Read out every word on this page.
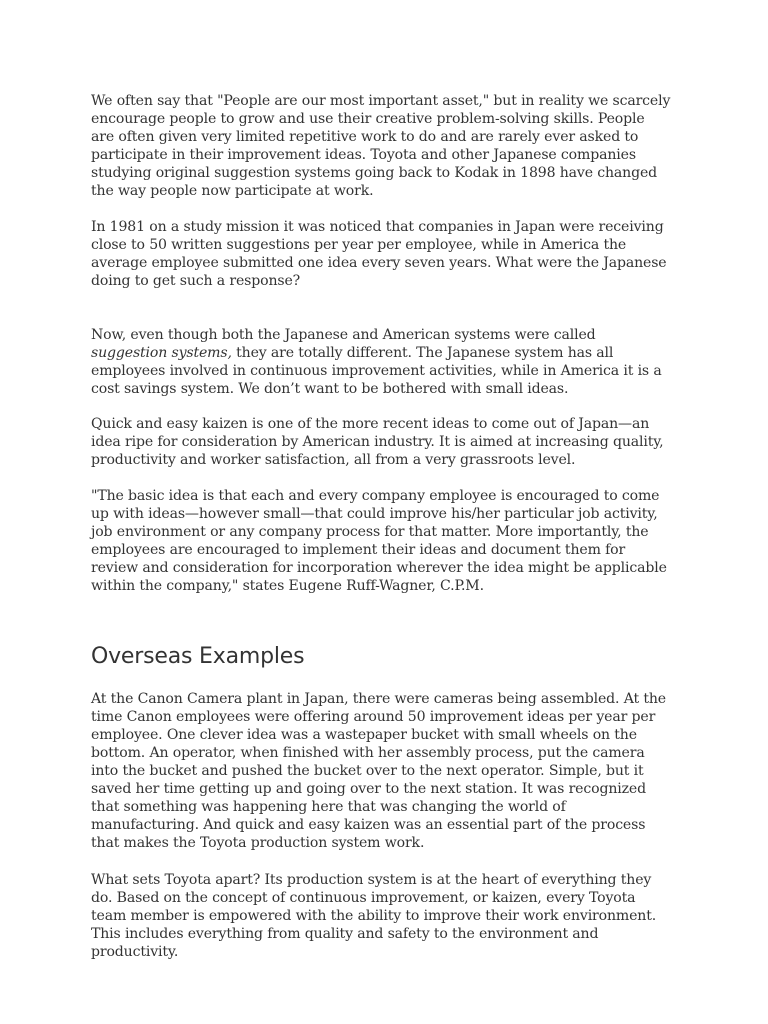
We often say that "People are our most important asset," but in reality we scarcely encourage people to grow and use their creative problem-solving skills. People are often given very limited repetitive work to do and are rarely ever asked to participate in their improvement ideas. Toyota and other Japanese companies studying original suggestion systems going back to Kodak in 1898 have changed the way people now participate at work.

In 1981 on a study mission it was noticed that companies in Japan were receiving close to 50 written suggestions per year per employee, while in America the average employee submitted one idea every seven years. What were the Japanese doing to get such a response?

Now, even though both the Japanese and American systems were called suggestion systems, they are totally different. The Japanese system has all employees involved in continuous improvement activities, while in America it is a cost savings system. We don’t want to be bothered with small ideas.

Quick and easy kaizen is one of the more recent ideas to come out of Japan—an idea ripe for consideration by American industry. It is aimed at increasing quality, productivity and worker satisfaction, all from a very grassroots level.

"The basic idea is that each and every company employee is encouraged to come up with ideas—however small—that could improve his/her particular job activity, job environment or any company process for that matter. More importantly, the employees are encouraged to implement their ideas and document them for review and consideration for incorporation wherever the idea might be applicable within the company," states Eugene Ruff-Wagner, C.P.M.

Overseas Examples

At the Canon Camera plant in Japan, there were cameras being assembled. At the time Canon employees were offering around 50 improvement ideas per year per employee. One clever idea was a wastepaper bucket with small wheels on the bottom. An operator, when finished with her assembly process, put the camera into the bucket and pushed the bucket over to the next operator. Simple, but it saved her time getting up and going over to the next station. It was recognized that something was happening here that was changing the world of manufacturing. And quick and easy kaizen was an essential part of the process that makes the Toyota production system work.

What sets Toyota apart? Its production system is at the heart of everything they do. Based on the concept of continuous improvement, or kaizen, every Toyota team member is empowered with the ability to improve their work environment. This includes everything from quality and safety to the environment and productivity.
